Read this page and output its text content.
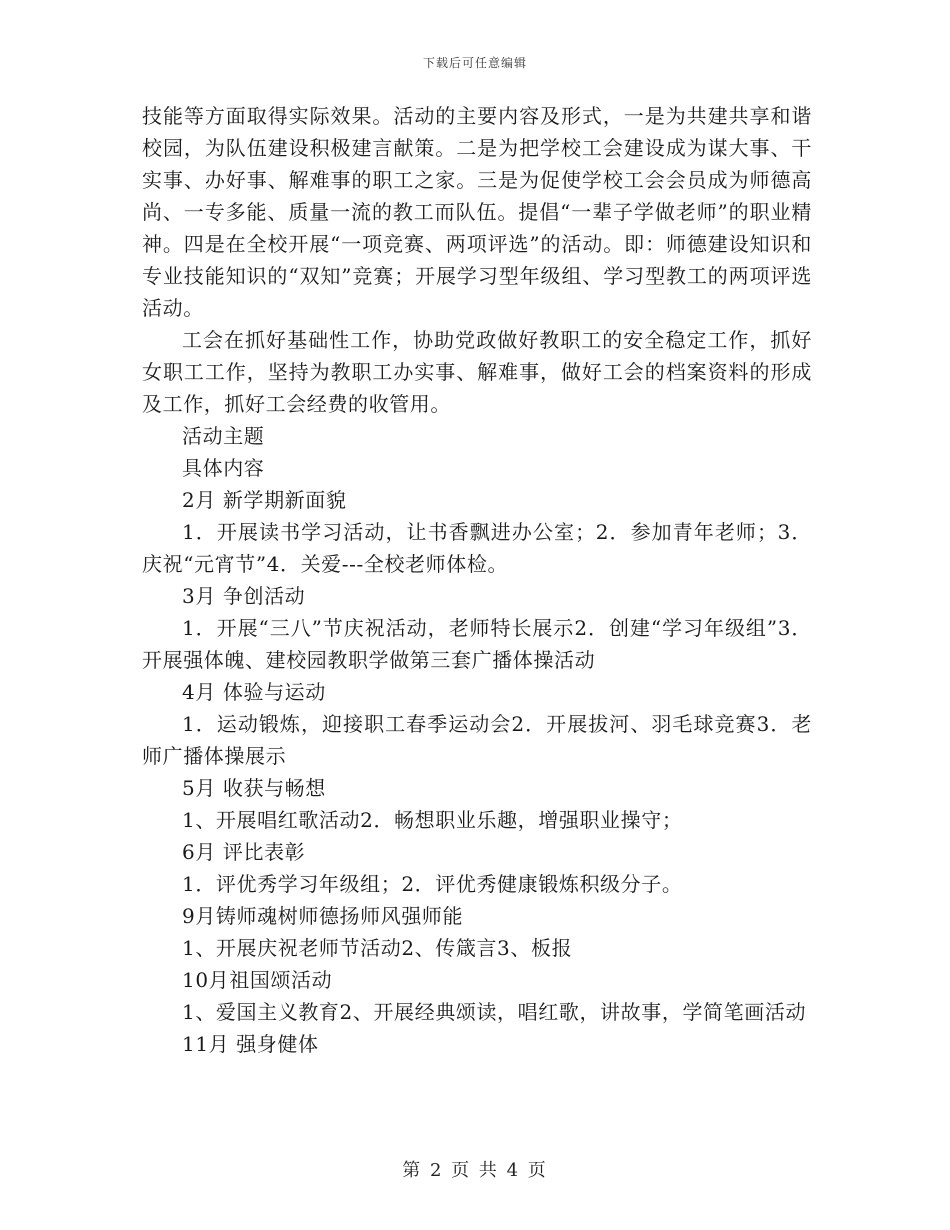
下载后可任意编辑

技能等方面取得实际效果。活动的主要内容及形式，一是为共建共享和谐校园，为队伍建设积极建言献策。二是为把学校工会建设成为谋大事、干实事、办好事、解难事的职工之家。三是为促使学校工会会员成为师德高尚、一专多能、质量一流的教工而队伍。提倡“一辈子学做老师”的职业精神。四是在全校开展“一项竞赛、两项评选”的活动。即：师德建设知识和专业技能知识的“双知”竞赛；开展学习型年级组、学习型教工的两项评选活动。

工会在抓好基础性工作，协助党政做好教职工的安全稳定工作，抓好女职工工作，坚持为教职工办实事、解难事，做好工会的档案资料的形成及工作，抓好工会经费的收管用。

活动主题

具体内容

2月 新学期新面貌

1．开展读书学习活动，让书香飘进办公室；2．参加青年老师；3．庆祝“元宵节”4．关爱---全校老师体检。

3月 争创活动

1．开展“三八”节庆祝活动，老师特长展示2．创建“学习年级组”3．开展强体魄、建校园教职学做第三套广播体操活动

4月 体验与运动

1．运动锻炼，迎接职工春季运动会2．开展拔河、羽毛球竞赛3．老师广播体操展示

5月 收获与畅想

1、开展唱红歌活动2．畅想职业乐趣，增强职业操守；

6月 评比表彰

1．评优秀学习年级组；2．评优秀健康锻炼积级分子。

9月铸师魂树师德扬师风强师能

1、开展庆祝老师节活动2、传箴言3、板报

10月祖国颂活动

1、爱国主义教育2、开展经典颂读，唱红歌，讲故事，学简笔画活动

11月 强身健体

第 2 页 共 4 页
